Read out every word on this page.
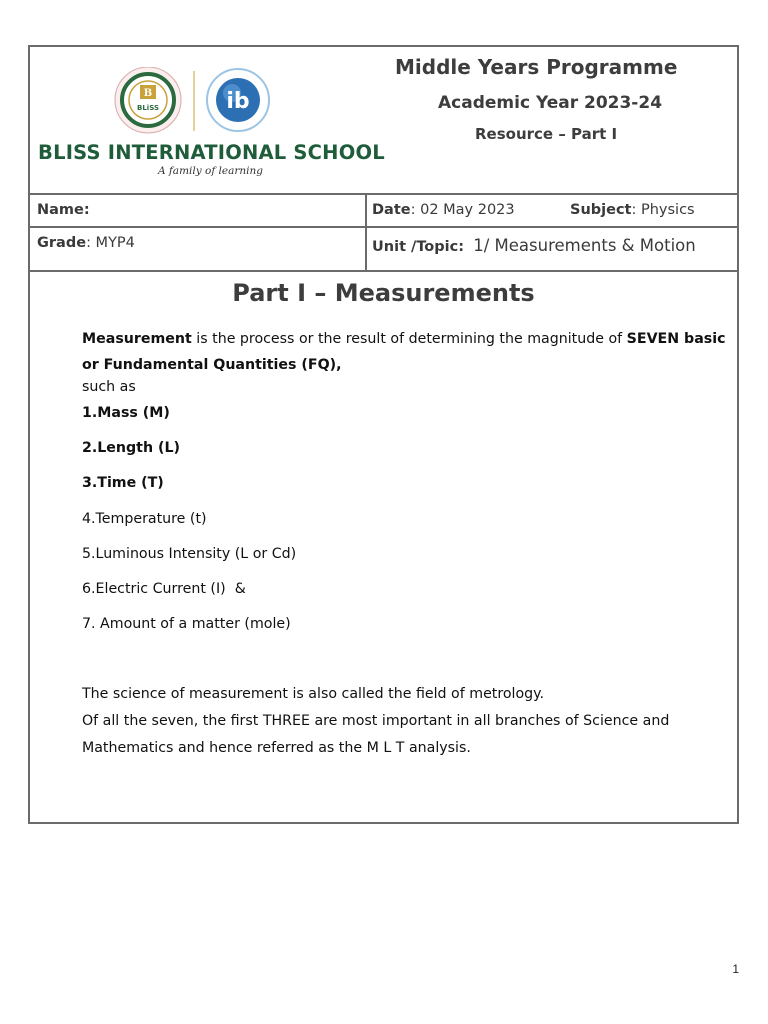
B
BLiSS	ib
BLISS INTERNATIONAL SCHOOL
A family of learning
Middle Years Programme
Academic Year 2023-24
Resource – Part I
Name:	Date: 02 May 2023	Subject: Physics
Grade: MYP4	Unit /Topic: 1/ Measurements & Motion
Part I – Measurements
Measurement is the process or the result of determining the magnitude of SEVEN basic or Fundamental Quantities (FQ),
such as
1.Mass (M)
2.Length (L)
3.Time (T)
4.Temperature (t)
5.Luminous Intensity (L or Cd)
6.Electric Current (I)  &
7. Amount of a matter (mole)
The science of measurement is also called the field of metrology.
Of all the seven, the first THREE are most important in all branches of Science and
Mathematics and hence referred as the M L T analysis.
1
